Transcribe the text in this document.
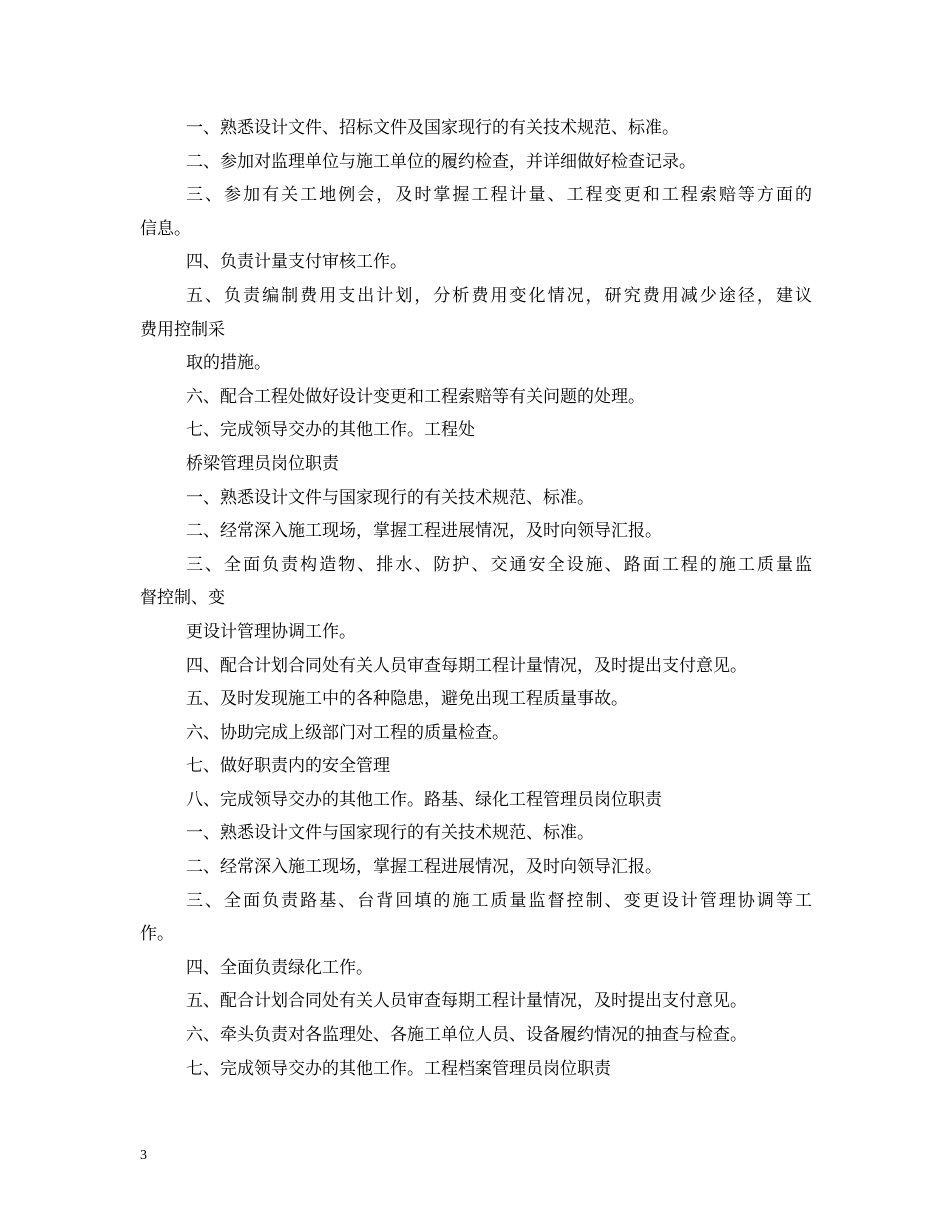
一、熟悉设计文件、招标文件及国家现行的有关技术规范、标准。
二、参加对监理单位与施工单位的履约检查，并详细做好检查记录。
三、参加有关工地例会，及时掌握工程计量、工程变更和工程索赔等方面的
信息。
四、负责计量支付审核工作。
五、负责编制费用支出计划，分析费用变化情况，研究费用减少途径，建议
费用控制采
取的措施。
六、配合工程处做好设计变更和工程索赔等有关问题的处理。
七、完成领导交办的其他工作。工程处
桥梁管理员岗位职责
一、熟悉设计文件与国家现行的有关技术规范、标准。
二、经常深入施工现场，掌握工程进展情况，及时向领导汇报。
三、全面负责构造物、排水、防护、交通安全设施、路面工程的施工质量监
督控制、变
更设计管理协调工作。
四、配合计划合同处有关人员审查每期工程计量情况，及时提出支付意见。
五、及时发现施工中的各种隐患，避免出现工程质量事故。
六、协助完成上级部门对工程的质量检查。
七、做好职责内的安全管理
八、完成领导交办的其他工作。路基、绿化工程管理员岗位职责
一、熟悉设计文件与国家现行的有关技术规范、标准。
二、经常深入施工现场，掌握工程进展情况，及时向领导汇报。
三、全面负责路基、台背回填的施工质量监督控制、变更设计管理协调等工
作。
四、全面负责绿化工作。
五、配合计划合同处有关人员审查每期工程计量情况，及时提出支付意见。
六、牵头负责对各监理处、各施工单位人员、设备履约情况的抽查与检查。
七、完成领导交办的其他工作。工程档案管理员岗位职责
3
